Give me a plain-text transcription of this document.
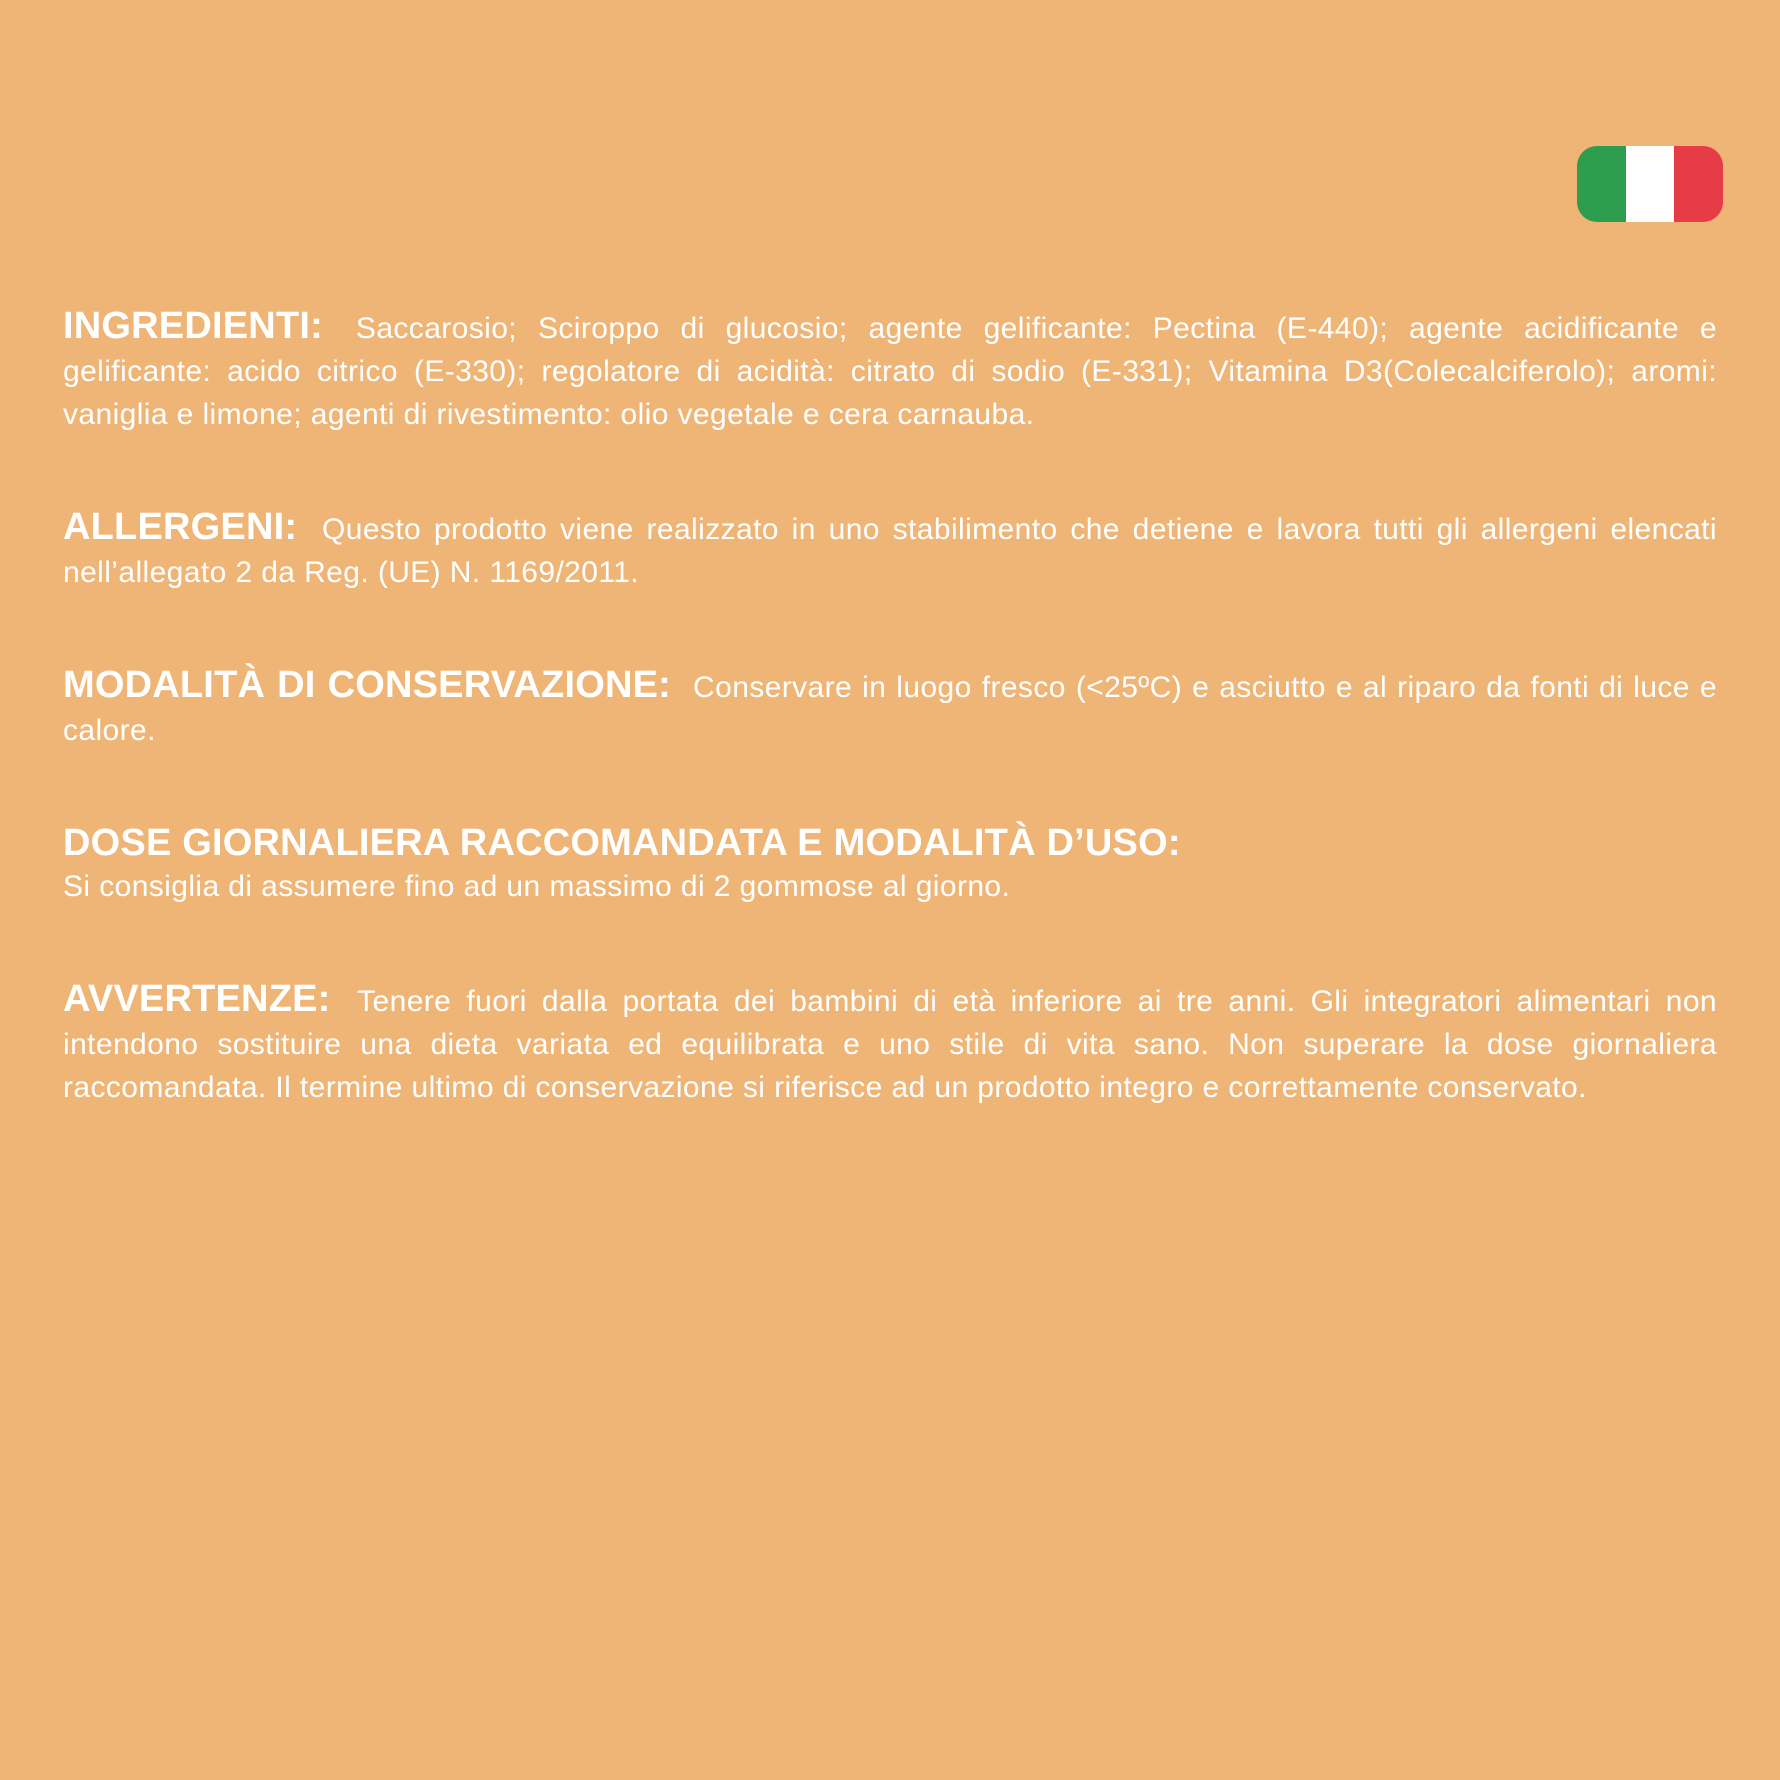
INGREDIENTI: Saccarosio; Sciroppo di glucosio; agente gelificante: Pectina (E-440); agente acidificante e gelificante: acido citrico (E-330); regolatore di acidità: citrato di sodio (E-331); Vitamina D3(Colecalciferolo); aromi: vaniglia e limone; agenti di rivestimento: olio vegetale e cera carnauba.

ALLERGENI: Questo prodotto viene realizzato in uno stabilimento che detiene e lavora tutti gli allergeni elencati nell’allegato 2 da Reg. (UE) N. 1169/2011.

MODALITÀ DI CONSERVAZIONE: Conservare in luogo fresco (<25ºC) e asciutto e al riparo da fonti di luce e calore.

DOSE GIORNALIERA RACCOMANDATA E MODALITÀ D’USO:
Si consiglia di assumere fino ad un massimo di 2 gommose al giorno.

AVVERTENZE: Tenere fuori dalla portata dei bambini di età inferiore ai tre anni. Gli integratori alimentari non intendono sostituire una dieta variata ed equilibrata e uno stile di vita sano. Non superare la dose giornaliera raccomandata. Il termine ultimo di conservazione si riferisce ad un prodotto integro e correttamente conservato.
